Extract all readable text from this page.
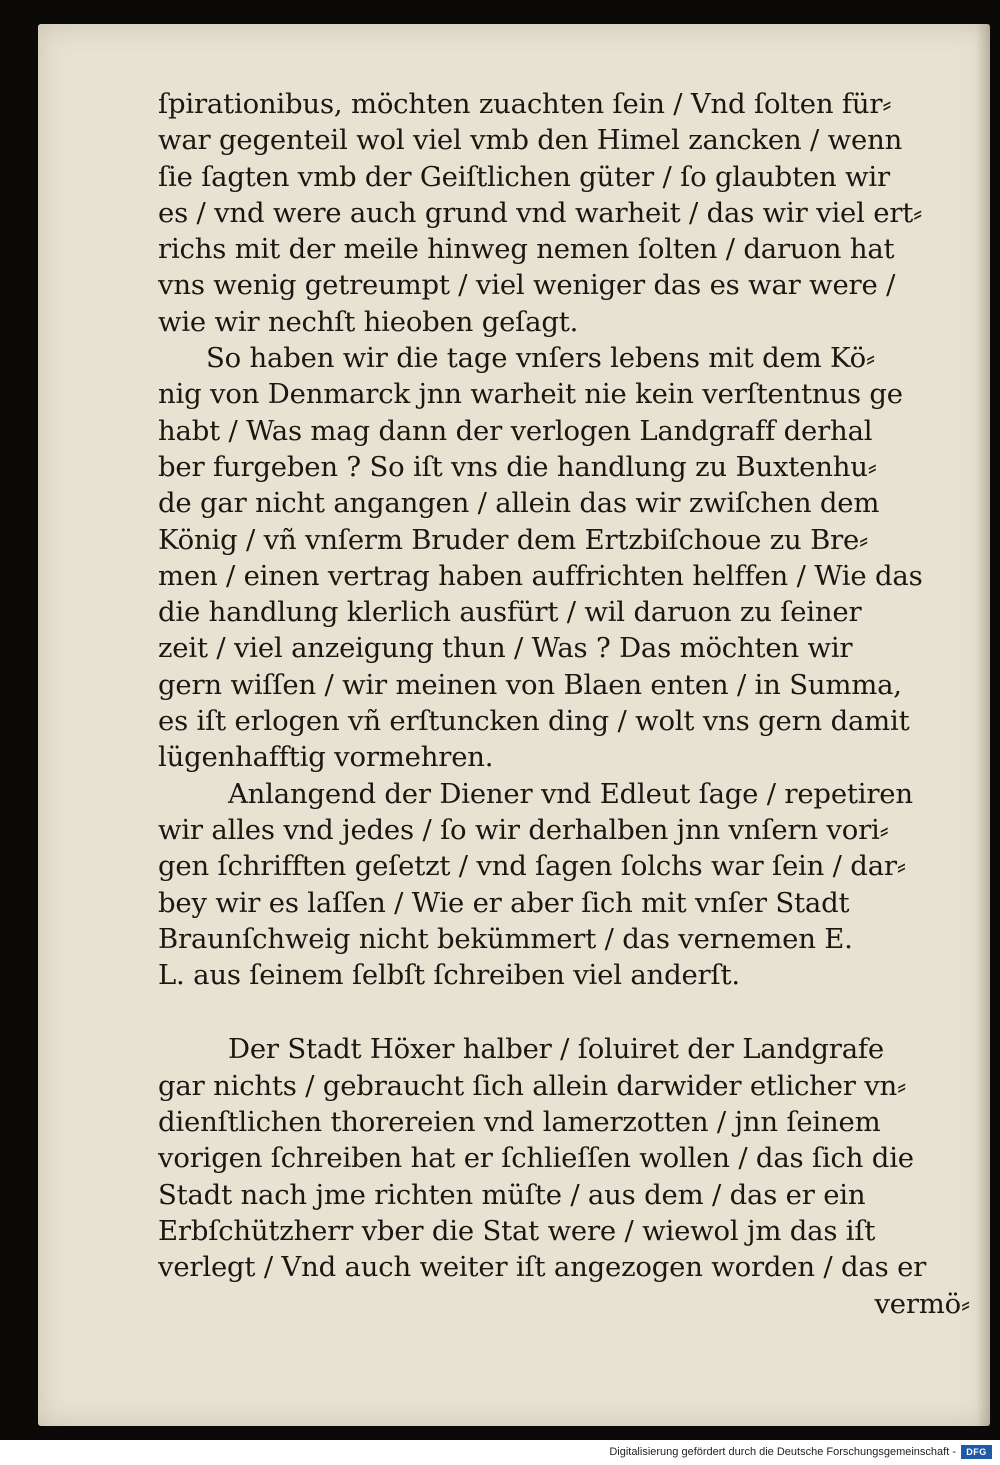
ſpirationibus, möchten zuachten ſein / Vnd ſolten für⸗
war gegenteil wol viel vmb den Himel zancken / wenn
ſie ſagten vmb der Geiſtlichen güter / ſo glaubten wir
es / vnd were auch grund vnd warheit / das wir viel ert⸗
richs mit der meile hinweg nemen ſolten / daruon hat
vns wenig getreumpt / viel weniger das es war were /
wie wir nechſt hieoben geſagt.
So haben wir die tage vnſers lebens mit dem Kö⸗
nig von Denmarck jnn warheit nie kein verſtentnus ge
habt / Was mag dann der verlogen Landgraff derhal
ber furgeben ? So iſt vns die handlung zu Buxtenhu⸗
de gar nicht angangen / allein das wir zwiſchen dem
König / vñ vnſerm Bruder dem Ertzbiſchoue zu Bre⸗
men / einen vertrag haben auffrichten helffen / Wie das
die handlung klerlich ausfürt / wil daruon zu ſeiner
zeit / viel anzeigung thun / Was ? Das möchten wir
gern wiſſen / wir meinen von Blaen enten / in Summa,
es iſt erlogen vñ erſtuncken ding / wolt vns gern damit
lügenhafftig vormehren.
Anlangend der Diener vnd Edleut ſage / repetiren
wir alles vnd jedes / ſo wir derhalben jnn vnſern vori⸗
gen ſchrifften geſetzt / vnd ſagen ſolchs war ſein / dar⸗
bey wir es laſſen / Wie er aber ſich mit vnſer Stadt
Braunſchweig nicht bekümmert / das vernemen E.
L. aus ſeinem ſelbſt ſchreiben viel anderſt.
Der Stadt Höxer halber / ſoluiret der Landgrafe
gar nichts / gebraucht ſich allein darwider etlicher vn⸗
dienſtlichen thorereien vnd lamerzotten / jnn ſeinem
vorigen ſchreiben hat er ſchlieſſen wollen / das ſich die
Stadt nach jme richten müſte / aus dem / das er ein
Erbſchützherr vber die Stat were / wiewol jm das iſt
verlegt / Vnd auch weiter iſt angezogen worden / das er
vermö⸗
Digitalisierung gefördert durch die Deutsche Forschungsgemeinschaft -	DFG
